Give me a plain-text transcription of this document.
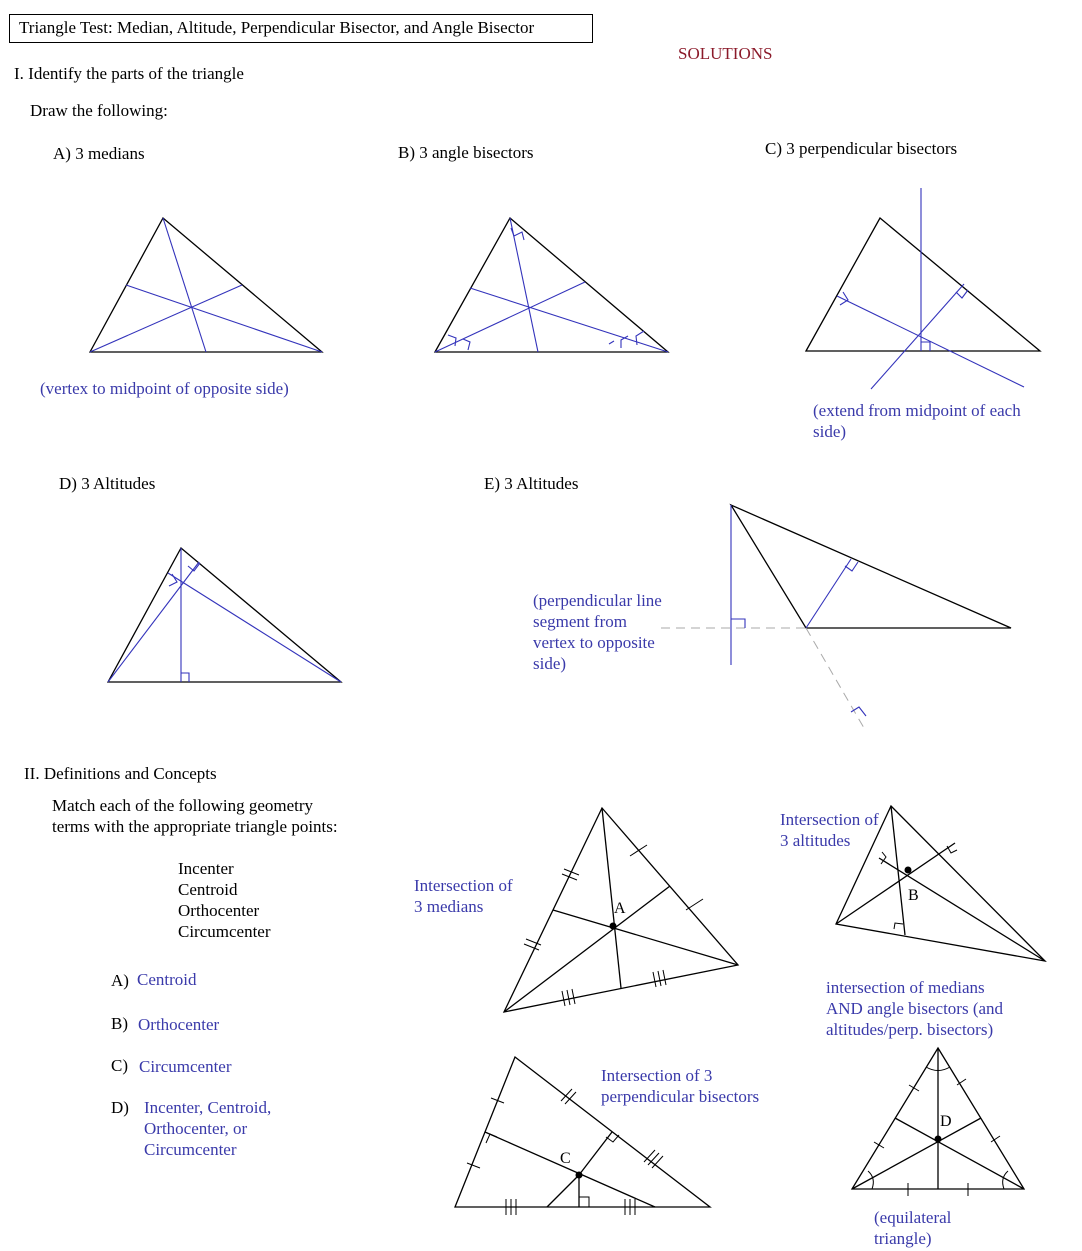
Triangle Test: Median, Altitude, Perpendicular Bisector, and Angle Bisector
SOLUTIONS
I. Identify the parts of the triangle
Draw the following:
A) 3 medians	B) 3 angle bisectors	C) 3 perpendicular bisectors
(vertex to midpoint of opposite side)
(extend from midpoint of each
side)
D) 3 Altitudes	E) 3 Altitudes
(perpendicular line
segment from
vertex to opposite
side)
II. Definitions and Concepts
Match each of the following geometry
terms with the appropriate triangle points:
Incenter
Centroid
Orthocenter
Circumcenter
A) Centroid
B) Orthocenter
C) Circumcenter
D) Incenter, Centroid,
Orthocenter, or
Circumcenter
Intersection of
3 medians
Intersection of
3 altitudes
intersection of medians
AND angle bisectors (and
altitudes/perp. bisectors)
Intersection of 3
perpendicular bisectors
(equilateral
triangle)
A
B
C
D
